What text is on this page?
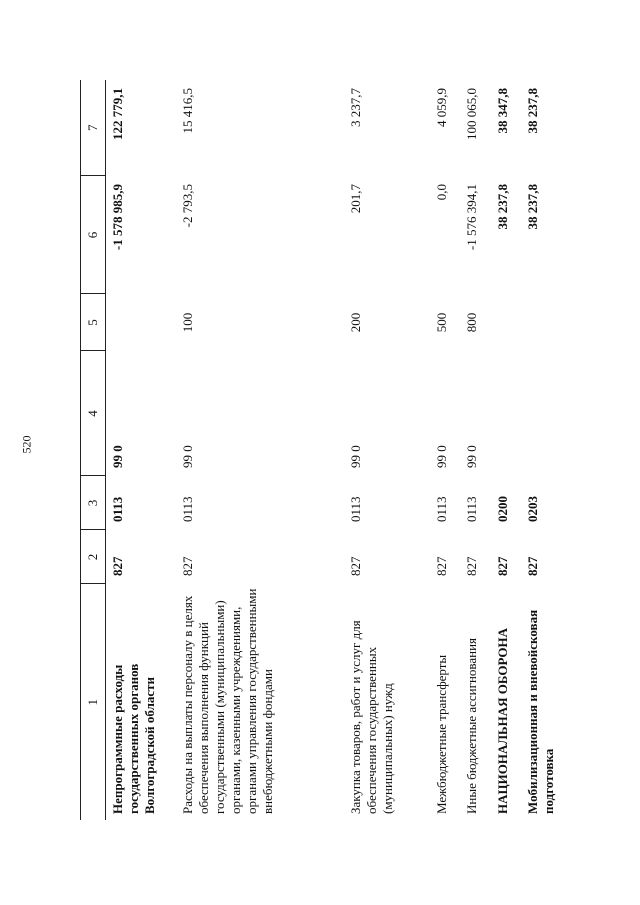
520
1	2	3	4	5	6	7
Непрограммные расходы государственных органов Волгоградской области	827	0113	99 0		-1 578 985,9	122 779,1
Расходы на выплаты персоналу в целях обеспечения выполнения функций государственными (муниципальными) органами, казенными учреждениями, органами управления государственными внебюджетными фондами	827	0113	99 0	100	-2 793,5	15 416,5
Закупка товаров, работ и услуг для обеспечения государственных (муниципальных) нужд	827	0113	99 0	200	201,7	3 237,7
Межбюджетные трансферты	827	0113	99 0	500	0,0	4 059,9
Иные бюджетные ассигнования	827	0113	99 0	800	-1 576 394,1	100 065,0
НАЦИОНАЛЬНАЯ ОБОРОНА	827	0200			38 237,8	38 347,8
Мобилизационная и вневойсковая подготовка	827	0203			38 237,8	38 237,8
